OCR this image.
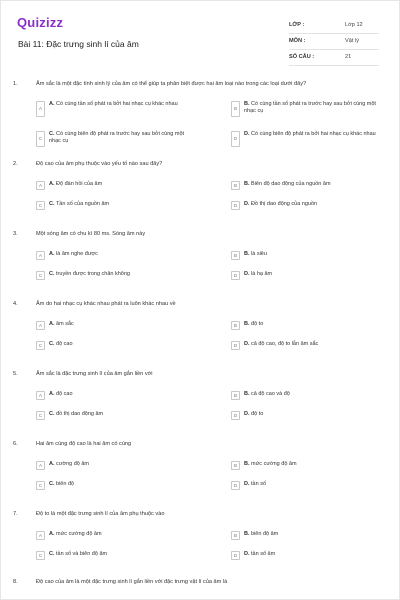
Quizizz
Bài 11: Đặc trưng sinh lí của âm
LỚP :	Lớp 12
MÔN :	Vật lý
SỐ CÂU :	21
1.	Âm sắc là một đặc tính sinh lý của âm có thể giúp ta phân biệt được hai âm loại nào trong các loại dưới đây?
A
A. Có cùng tần số phát ra bởi hai nhạc cụ khác nhau
B
B. Có cùng tần số phát ra trước hay sau bởi cùng một nhạc cụ
C
C. Có cùng biên độ phát ra trước hay sau bởi cùng một nhạc cụ	D
D. Có cùng biên độ phát ra bởi hai nhạc cụ khác nhau
2.	Độ cao của âm phụ thuộc vào yếu tố nào sau đây?
A	A. Độ đàn hồi của âm	B	B. Biên độ dao động của nguồn âm
C	C. Tần số của nguồn âm	D	D. Đồ thị dao động của nguồn
3.	Một sóng âm có chu kì 80 ms. Sóng âm này
A	A. là âm nghe được	B	B. là siêu
C	C. truyền được trong chân không	D	D. là hạ âm
4.	Âm do hai nhạc cụ khác nhau phát ra luôn khác nhau về
A	A. âm sắc	B	B. độ to
C	C. độ cao	D	D. cả độ cao, độ to lẫn âm sắc
5.	Âm sắc là đặc trưng sinh lí của âm gắn liền với
A	A. độ cao	B	B. cả độ cao và độ
C	C. đồ thị dao động âm	D	D. độ to
6.	Hai âm cùng độ cao là hai âm có cùng
A	A. cường độ âm	B	B. mức cường độ âm
C	C. biên độ	D	D. tần số
7.	Độ to là một đặc trưng sinh lí của âm phụ thuộc vào
A	A. mức cường độ âm	B	B. biên độ âm
C	C. tần số và biên độ âm	D	D. tần số âm
8.	Độ cao của âm là một đặc trưng sinh lí gắn liền với đặc trưng vật lí của âm là
